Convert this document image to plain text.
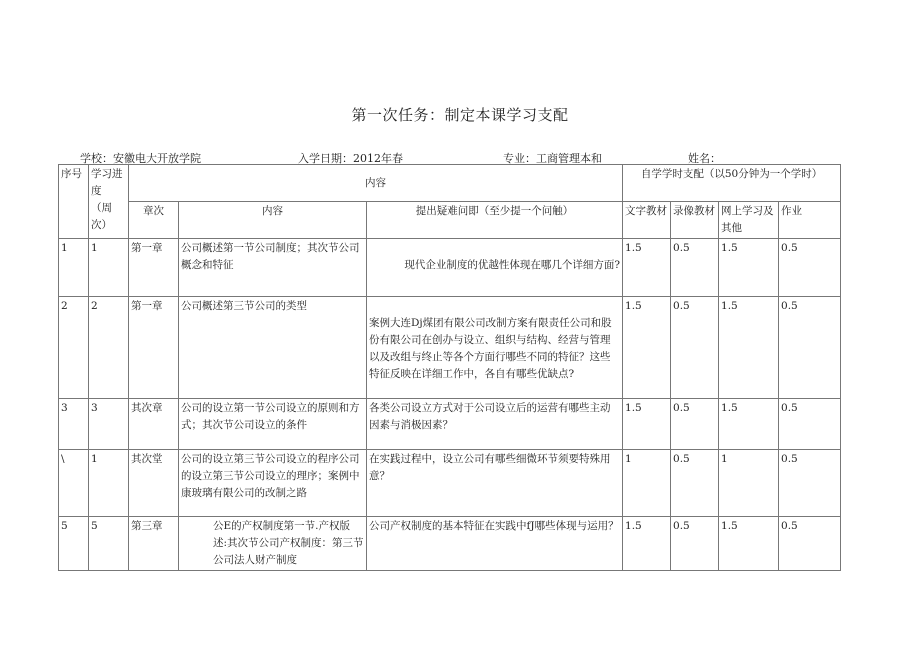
第一次任务：制定本课学习支配
学校：安徽电大开放学院	入学日期：2012年春	专业：工商管理本和	姓名：
序号	学习进
度　（周
次）	内容			自学学时支配（以50分钟为一个学时）			
		章次	内容	提出疑难问即（至少提一个问触）	文字教材	录像教材	网上学习及其他	作业
1	1	第一章	公司概述第一节公司制度；其次节公司概念和特征	现代企业制度的优越性体现在哪几个详细方面?	1.5	0.5	1.5	0.5
2	2	第一章	公司概述第三节公司的类型	案例大连Dj煤团有限公司改制方案有限责任公司和股份有限公司在创办与设立、组织与结构、经营与管理以及改组与终止等各个方面行哪些不同的特征？这些特征反映在详细工作中，各自有哪些优缺点?	1.5	0.5	1.5	0.5
3	3	其次章	公司的设立第一节公司设立的原则和方式；其次节公司设立的条件	各类公司设立方式对于公司设立后的运营有哪些主动因素与消极因素？	1.5	0.5	1.5	0.5
\	1	其次堂	公司的设立第三节公司设立的程序公司的设立第三节公司设立的理序；案例中康玻璃有限公司的改制之路	在实践过程中，设立公司有哪些细微环节须要特殊用意？	1	0.5	1	0.5
5	5	第三章	公E的产权制度第一节.产权版述:其次节公司产权制度：第三节公司法人财产制度	公司产权制度的基本特征在实践中fJ哪些体现与运用？	1.5	0.5	1.5	0.5
